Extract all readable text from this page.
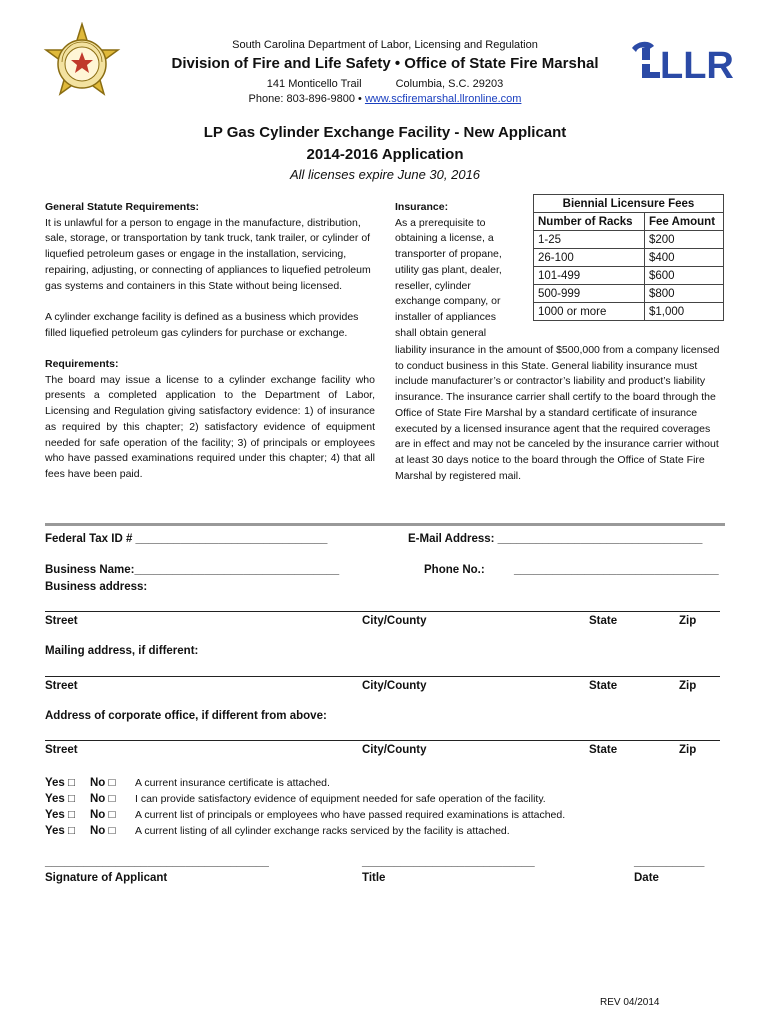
LLR
South Carolina Department of Labor, Licensing and Regulation
Division of Fire and Life Safety • Office of State Fire Marshal
141 Monticello Trail	Columbia, S.C. 29203
Phone: 803-896-9800 • www.scfiremarshal.llronline.com
LP Gas Cylinder Exchange Facility - New Applicant
2014-2016 Application
All licenses expire June 30, 2016
General Statute Requirements:
It is unlawful for a person to engage in the manufacture, distribution, sale, storage, or transportation by tank truck, tank trailer, or cylinder of liquefied petroleum gases or engage in the installation, servicing, repairing, adjusting, or connecting of appliances to liquefied petroleum gas systems and containers in this State without being licensed.
A cylinder exchange facility is defined as a business which provides filled liquefied petroleum gas cylinders for purchase or exchange.
Requirements:
The board may issue a license to a cylinder exchange facility who presents a completed application to the Department of Labor, Licensing and Regulation giving satisfactory evidence: 1) of insurance as required by this chapter; 2) satisfactory evidence of equipment needed for safe operation of the facility; 3) of principals or employees who have passed examinations required under this chapter; 4) that all fees have been paid.
Insurance:
As a prerequisite to
obtaining a license, a
transporter of propane,
utility gas plant, dealer,
reseller, cylinder
exchange company, or
installer of appliances
shall obtain general
liability insurance in the amount of $500,000 from a company licensed to conduct business in this State. General liability insurance must include manufacturer’s or contractor’s liability and product’s liability insurance. The insurance carrier shall certify to the board through the Office of State Fire Marshal by a standard certificate of insurance executed by a licensed insurance agent that the required coverages are in effect and may not be canceled by the insurance carrier without at least 30 days notice to the board through the Office of State Fire Marshal by registered mail.
Biennial Licensure Fees	
Number of Racks	Fee Amount
1-25	$200
26-100	$400
101-499	$600
500-999	$800
1000 or more	$1,000
Federal Tax ID # ______________________________	E-Mail Address: ________________________________
Business Name:________________________________	Phone No.:	________________________________
Business address:
Street	City/County	State	Zip
Mailing address, if different:
Street	City/County	State	Zip
Address of corporate office, if different from above:
Street	City/County	State	Zip
Yes □ No □ A current insurance certificate is attached.
Yes □ No □ I can provide satisfactory evidence of equipment needed for safe operation of the facility.
Yes □ No □ A current list of principals or employees who have passed required examinations is attached.
Yes □ No □ A current listing of all cylinder exchange racks serviced by the facility is attached.
___________________________________	___________________________	___________
Signature of Applicant	Title	Date
REV 04/2014
